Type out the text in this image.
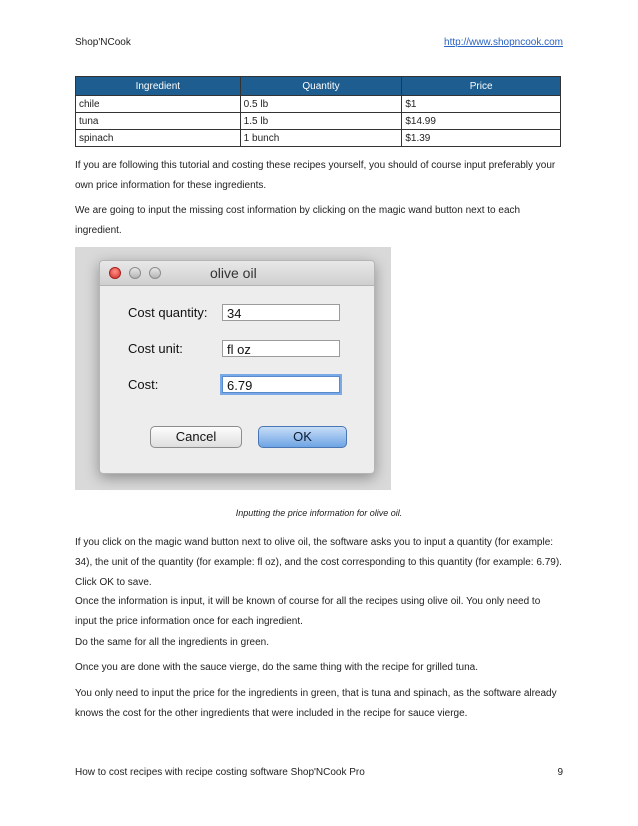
Shop'NCook	http://www.shopncook.com
Ingredient	Quantity	Price
chile	0.5 lb	$1
tuna	1.5 lb	$14.99
spinach	1 bunch	$1.39
If you are following this tutorial and costing these recipes yourself, you should of course input preferably your own price information for these ingredients.
We are going to input the missing cost information by clicking on the magic wand button next to each ingredient.
olive oil
Cost quantity:	34
Cost unit:	fl oz
Cost:	6.79
Cancel	OK
Inputting the price information for olive oil.
If you click on the magic wand button next to olive oil, the software asks you to input a quantity (for example: 34), the unit of the quantity (for example: fl oz), and the cost corresponding to this quantity (for example: 6.79). Click OK to save.
Once the information is input, it will be known of course for all the recipes using olive oil. You only need to input the price information once for each ingredient.
Do the same for all the ingredients in green.
Once you are done with the sauce vierge, do the same thing with the recipe for grilled tuna.
You only need to input the price for the ingredients in green, that is tuna and spinach, as the software already knows the cost for the other ingredients that were included in the recipe for sauce vierge.
How to cost recipes with recipe costing software Shop'NCook Pro	9
